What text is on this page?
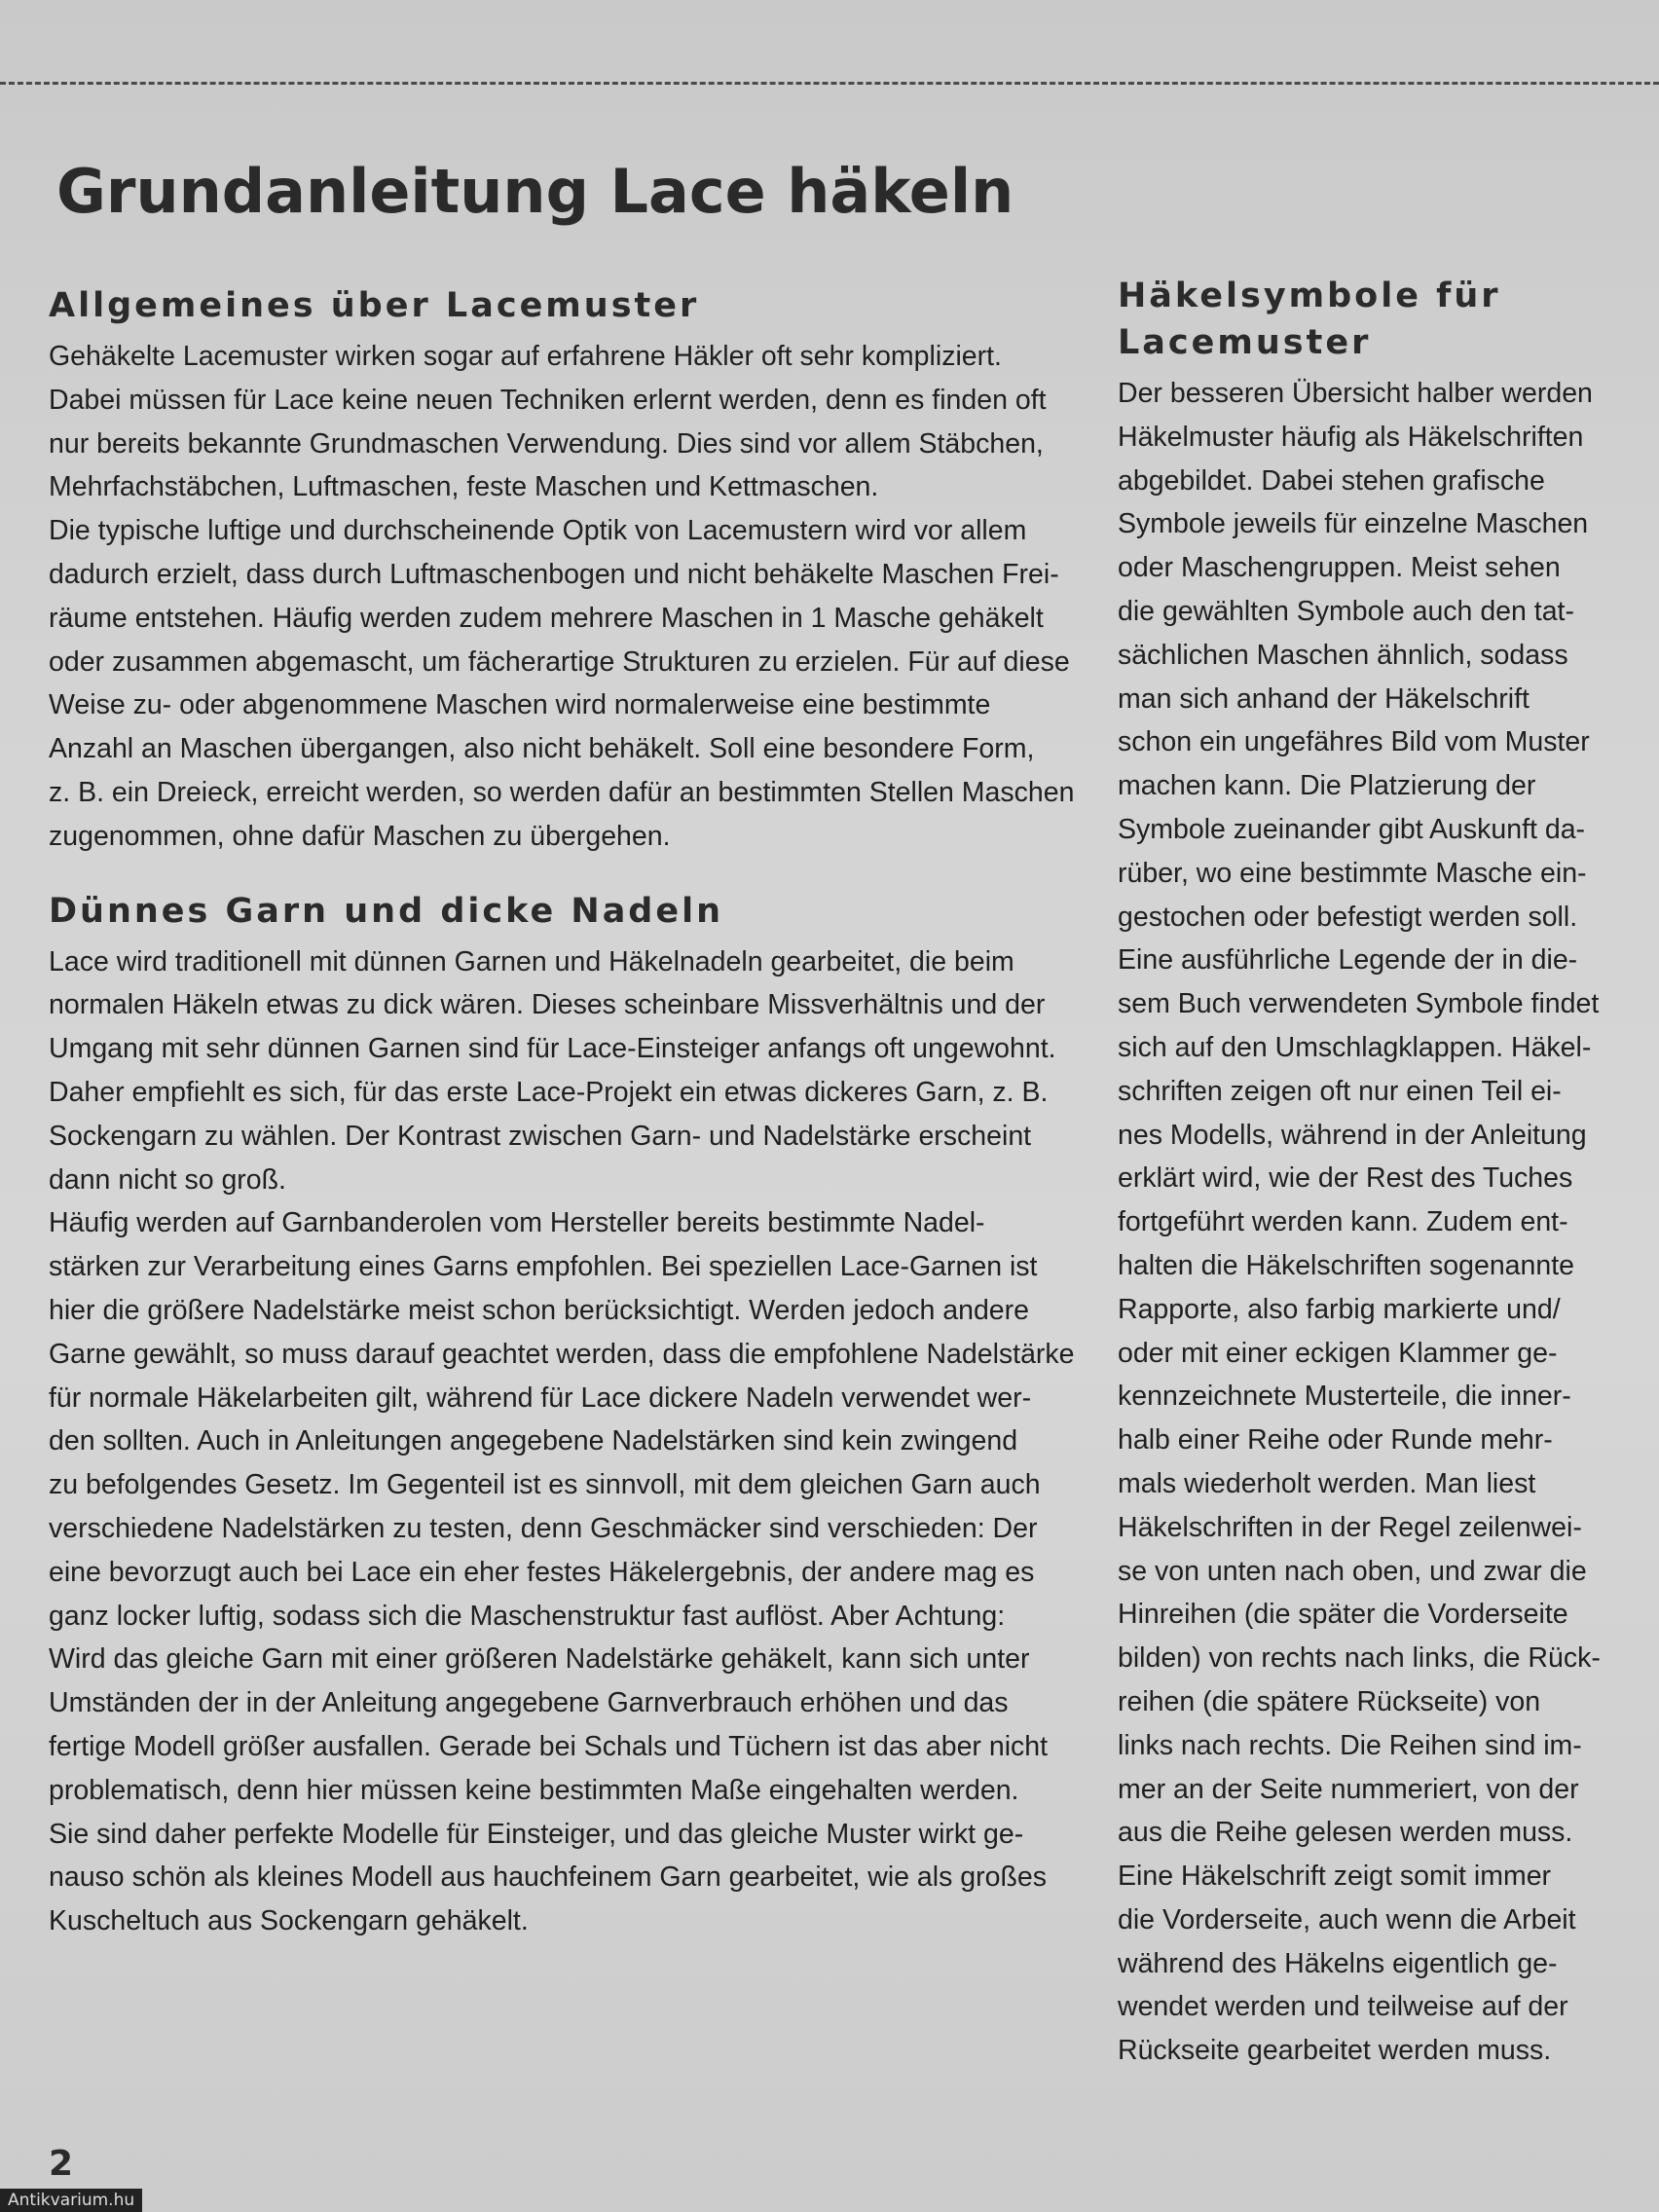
Grundanleitung Lace häkeln
Allgemeines über Lacemuster

Gehäkelte Lacemuster wirken sogar auf erfahrene Häkler oft sehr kompliziert.
Dabei müssen für Lace keine neuen Techniken erlernt werden, denn es finden oft
nur bereits bekannte Grundmaschen Verwendung. Dies sind vor allem Stäbchen,
Mehrfachstäbchen, Luftmaschen, feste Maschen und Kettmaschen.
Die typische luftige und durchscheinende Optik von Lacemustern wird vor allem
dadurch erzielt, dass durch Luftmaschenbogen und nicht behäkelte Maschen Frei-
räume entstehen. Häufig werden zudem mehrere Maschen in 1 Masche gehäkelt
oder zusammen abgemascht, um fächerartige Strukturen zu erzielen. Für auf diese
Weise zu- oder abgenommene Maschen wird normalerweise eine bestimmte
Anzahl an Maschen übergangen, also nicht behäkelt. Soll eine besondere Form,
z. B. ein Dreieck, erreicht werden, so werden dafür an bestimmten Stellen Maschen
zugenommen, ohne dafür Maschen zu übergehen.

Dünnes Garn und dicke Nadeln

Lace wird traditionell mit dünnen Garnen und Häkelnadeln gearbeitet, die beim
normalen Häkeln etwas zu dick wären. Dieses scheinbare Missverhältnis und der
Umgang mit sehr dünnen Garnen sind für Lace-Einsteiger anfangs oft ungewohnt.
Daher empfiehlt es sich, für das erste Lace-Projekt ein etwas dickeres Garn, z. B.
Sockengarn zu wählen. Der Kontrast zwischen Garn- und Nadelstärke erscheint
dann nicht so groß.
Häufig werden auf Garnbanderolen vom Hersteller bereits bestimmte Nadel-
stärken zur Verarbeitung eines Garns empfohlen. Bei speziellen Lace-Garnen ist
hier die größere Nadelstärke meist schon berücksichtigt. Werden jedoch andere
Garne gewählt, so muss darauf geachtet werden, dass die empfohlene Nadelstärke
für normale Häkelarbeiten gilt, während für Lace dickere Nadeln verwendet wer-
den sollten. Auch in Anleitungen angegebene Nadelstärken sind kein zwingend
zu befolgendes Gesetz. Im Gegenteil ist es sinnvoll, mit dem gleichen Garn auch
verschiedene Nadelstärken zu testen, denn Geschmäcker sind verschieden: Der
eine bevorzugt auch bei Lace ein eher festes Häkelergebnis, der andere mag es
ganz locker luftig, sodass sich die Maschenstruktur fast auflöst. Aber Achtung:
Wird das gleiche Garn mit einer größeren Nadelstärke gehäkelt, kann sich unter
Umständen der in der Anleitung angegebene Garnverbrauch erhöhen und das
fertige Modell größer ausfallen. Gerade bei Schals und Tüchern ist das aber nicht
problematisch, denn hier müssen keine bestimmten Maße eingehalten werden.
Sie sind daher perfekte Modelle für Einsteiger, und das gleiche Muster wirkt ge-
nauso schön als kleines Modell aus hauchfeinem Garn gearbeitet, wie als großes
Kuscheltuch aus Sockengarn gehäkelt.

Häkelsymbole für
Lacemuster

Der besseren Übersicht halber werden
Häkelmuster häufig als Häkelschriften
abgebildet. Dabei stehen grafische
Symbole jeweils für einzelne Maschen
oder Maschengruppen. Meist sehen
die gewählten Symbole auch den tat-
sächlichen Maschen ähnlich, sodass
man sich anhand der Häkelschrift
schon ein ungefähres Bild vom Muster
machen kann. Die Platzierung der
Symbole zueinander gibt Auskunft da-
rüber, wo eine bestimmte Masche ein-
gestochen oder befestigt werden soll.
Eine ausführliche Legende der in die-
sem Buch verwendeten Symbole findet
sich auf den Umschlagklappen. Häkel-
schriften zeigen oft nur einen Teil ei-
nes Modells, während in der Anleitung
erklärt wird, wie der Rest des Tuches
fortgeführt werden kann. Zudem ent-
halten die Häkelschriften sogenannte
Rapporte, also farbig markierte und/
oder mit einer eckigen Klammer ge-
kennzeichnete Musterteile, die inner-
halb einer Reihe oder Runde mehr-
mals wiederholt werden. Man liest
Häkelschriften in der Regel zeilenwei-
se von unten nach oben, und zwar die
Hinreihen (die später die Vorderseite
bilden) von rechts nach links, die Rück-
reihen (die spätere Rückseite) von
links nach rechts. Die Reihen sind im-
mer an der Seite nummeriert, von der
aus die Reihe gelesen werden muss.
Eine Häkelschrift zeigt somit immer
die Vorderseite, auch wenn die Arbeit
während des Häkelns eigentlich ge-
wendet werden und teilweise auf der
Rückseite gearbeitet werden muss.

2
Antikvarium.hu
